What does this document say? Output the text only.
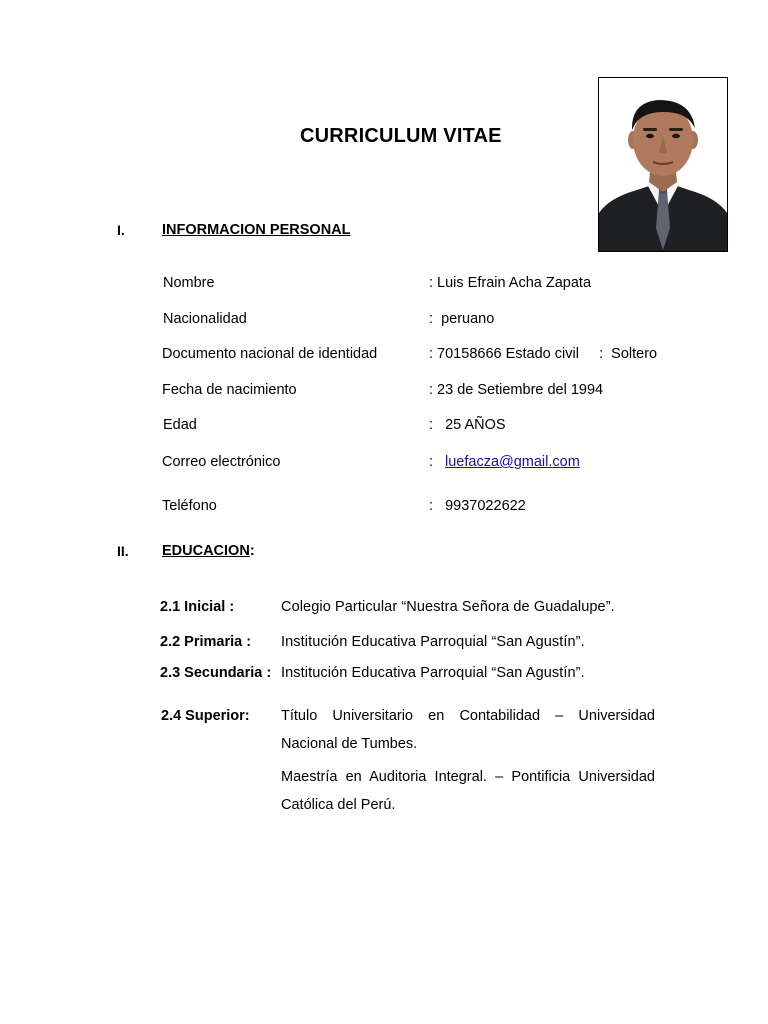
CURRICULUM VITAE
I.	INFORMACION PERSONAL
Nombre	: Luis Efrain Acha Zapata
Nacionalidad	:  peruano
Documento nacional de identidad	: 70158666 Estado civil     :  Soltero
Fecha de nacimiento	: 23 de Setiembre del 1994
Edad	:   25 AÑOS
Correo electrónico	: luefacza@gmail.com
Teléfono	:   9937022622
II. EDUCACION:
2.1 Inicial :	Colegio Particular “Nuestra Señora de Guadalupe”.
2.2 Primaria : Institución Educativa Parroquial “San Agustín”.
2.3 Secundaria : Institución Educativa Parroquial “San Agustín”.
2.4 Superior: Título Universitario en Contabilidad – Universidad Nacional de Tumbes.
Maestría en Auditoria Integral. – Pontificia Universidad Católica del Perú.
